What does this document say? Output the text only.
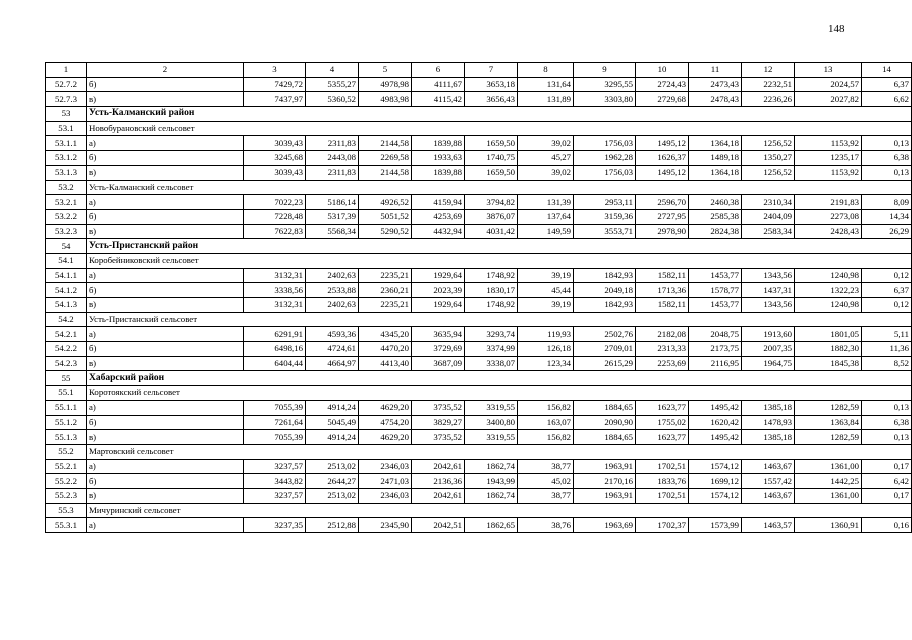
148
1	2	3	4	5	6	7	8	9	10	11	12	13	14
52.7.2	б)	7429,72	5355,27	4978,98	4111,67	3653,18	131,64	3295,55	2724,43	2473,43	2232,51	2024,57	6,37
52.7.3	в)	7437,97	5360,52	4983,98	4115,42	3656,43	131,89	3303,80	2729,68	2478,43	2236,26	2027,82	6,62
53	Усть-Калманский район												
53.1	Новобурановский сельсовет												
53.1.1	а)	3039,43	2311,83	2144,58	1839,88	1659,50	39,02	1756,03	1495,12	1364,18	1256,52	1153,92	0,13
53.1.2	б)	3245,68	2443,08	2269,58	1933,63	1740,75	45,27	1962,28	1626,37	1489,18	1350,27	1235,17	6,38
53.1.3	в)	3039,43	2311,83	2144,58	1839,88	1659,50	39,02	1756,03	1495,12	1364,18	1256,52	1153,92	0,13
53.2	Усть-Калманский сельсовет												
53.2.1	а)	7022,23	5186,14	4926,52	4159,94	3794,82	131,39	2953,11	2596,70	2460,38	2310,34	2191,83	8,09
53.2.2	б)	7228,48	5317,39	5051,52	4253,69	3876,07	137,64	3159,36	2727,95	2585,38	2404,09	2273,08	14,34
53.2.3	в)	7622,83	5568,34	5290,52	4432,94	4031,42	149,59	3553,71	2978,90	2824,38	2583,34	2428,43	26,29
54	Усть-Пристанский район												
54.1	Коробейниковский сельсовет												
54.1.1	а)	3132,31	2402,63	2235,21	1929,64	1748,92	39,19	1842,93	1582,11	1453,77	1343,56	1240,98	0,12
54.1.2	б)	3338,56	2533,88	2360,21	2023,39	1830,17	45,44	2049,18	1713,36	1578,77	1437,31	1322,23	6,37
54.1.3	в)	3132,31	2402,63	2235,21	1929,64	1748,92	39,19	1842,93	1582,11	1453,77	1343,56	1240,98	0,12
54.2	Усть-Пристанский сельсовет												
54.2.1	а)	6291,91	4593,36	4345,20	3635,94	3293,74	119,93	2502,76	2182,08	2048,75	1913,60	1801,05	5,11
54.2.2	б)	6498,16	4724,61	4470,20	3729,69	3374,99	126,18	2709,01	2313,33	2173,75	2007,35	1882,30	11,36
54.2.3	в)	6404,44	4664,97	4413,40	3687,09	3338,07	123,34	2615,29	2253,69	2116,95	1964,75	1845,38	8,52
55	Хабарский район												
55.1	Коротоякский сельсовет												
55.1.1	а)	7055,39	4914,24	4629,20	3735,52	3319,55	156,82	1884,65	1623,77	1495,42	1385,18	1282,59	0,13
55.1.2	б)	7261,64	5045,49	4754,20	3829,27	3400,80	163,07	2090,90	1755,02	1620,42	1478,93	1363,84	6,38
55.1.3	в)	7055,39	4914,24	4629,20	3735,52	3319,55	156,82	1884,65	1623,77	1495,42	1385,18	1282,59	0,13
55.2	Мартовский сельсовет												
55.2.1	а)	3237,57	2513,02	2346,03	2042,61	1862,74	38,77	1963,91	1702,51	1574,12	1463,67	1361,00	0,17
55.2.2	б)	3443,82	2644,27	2471,03	2136,36	1943,99	45,02	2170,16	1833,76	1699,12	1557,42	1442,25	6,42
55.2.3	в)	3237,57	2513,02	2346,03	2042,61	1862,74	38,77	1963,91	1702,51	1574,12	1463,67	1361,00	0,17
55.3	Мичуринский сельсовет												
55.3.1	а)	3237,35	2512,88	2345,90	2042,51	1862,65	38,76	1963,69	1702,37	1573,99	1463,57	1360,91	0,16
